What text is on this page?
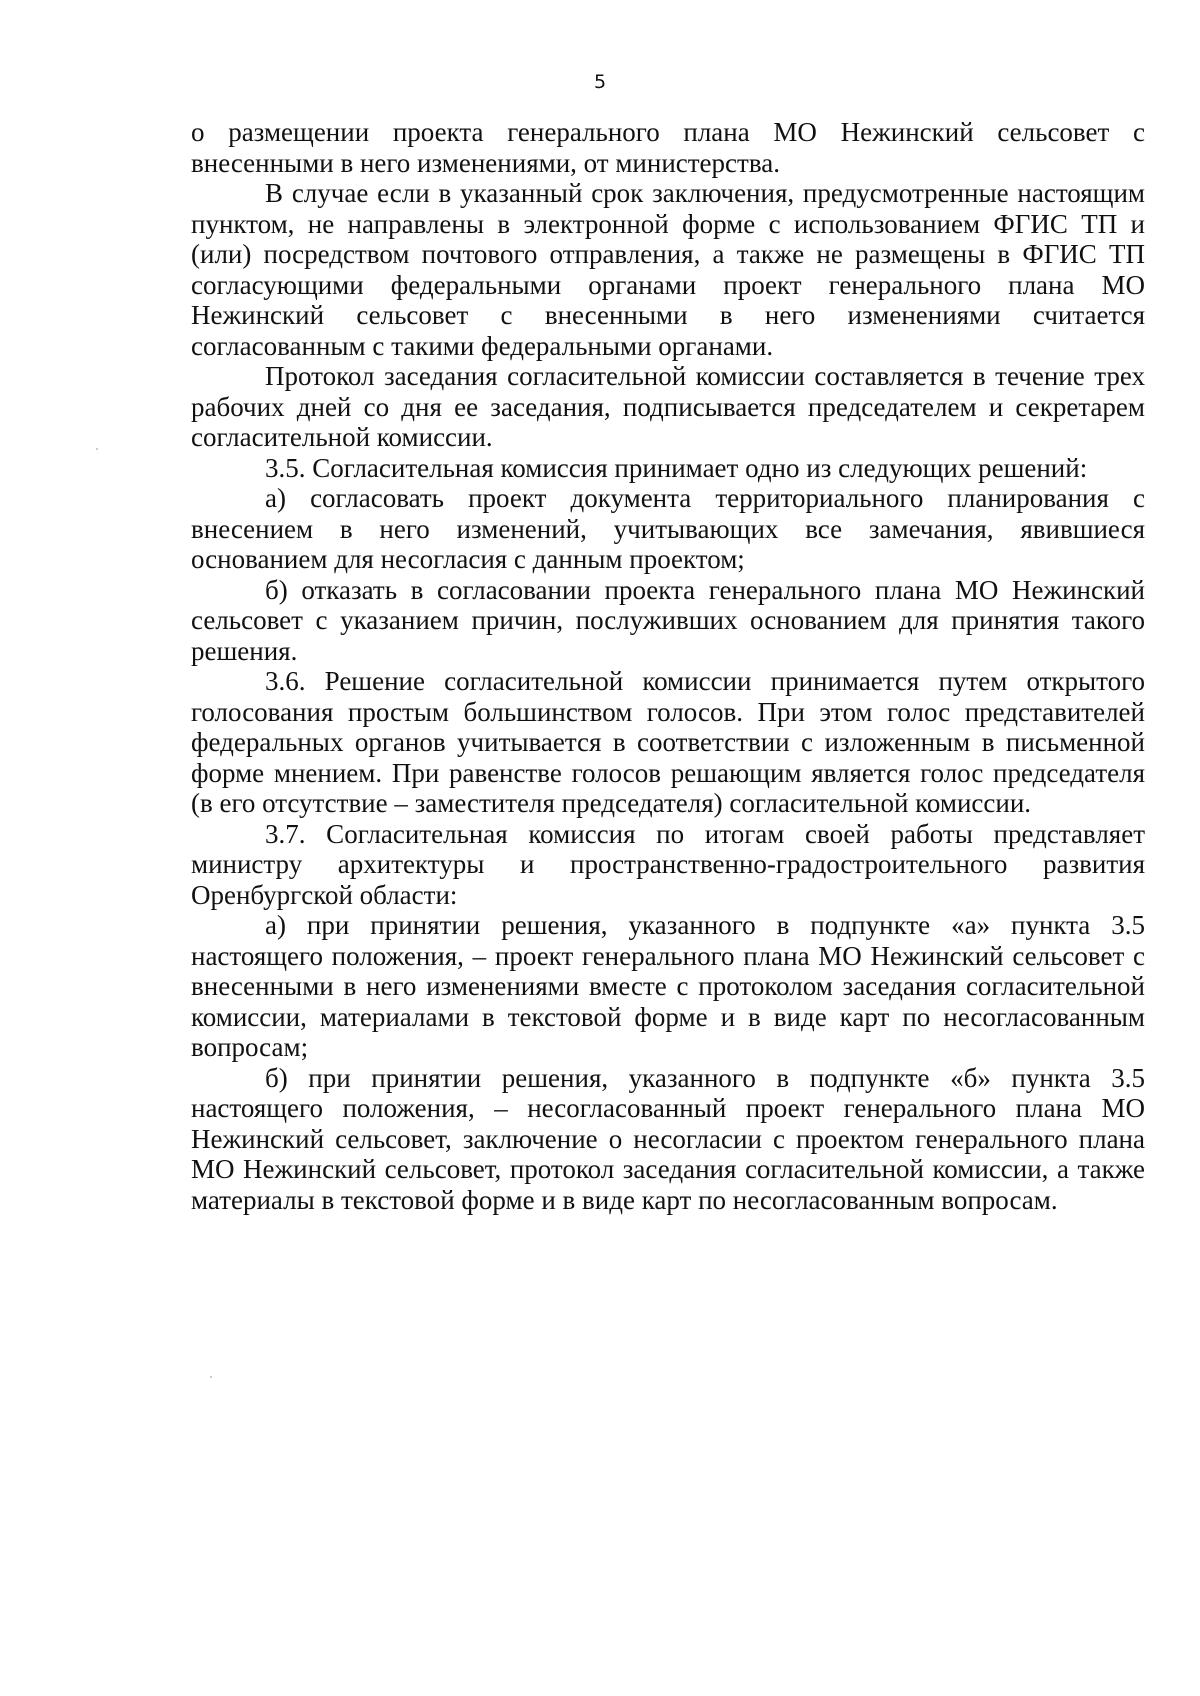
5

о размещении проекта генерального плана МО Нежинский сельсовет с внесенными в него изменениями, от министерства.

В случае если в указанный срок заключения, предусмотренные настоящим пунктом, не направлены в электронной форме с использованием ФГИС ТП и (или) посредством почтового отправления, а также не размещены в ФГИС ТП согласующими федеральными органами проект генерального плана МО Нежинский сельсовет с внесенными в него изменениями считается согласованным с такими федеральными органами.

Протокол заседания согласительной комиссии составляется в течение трех рабочих дней со дня ее заседания, подписывается председателем и секретарем согласительной комиссии.

3.5. Согласительная комиссия принимает одно из следующих решений:

а) согласовать проект документа территориального планирования с внесением в него изменений, учитывающих все замечания, явившиеся основанием для несогласия с данным проектом;

б) отказать в согласовании проекта генерального плана МО Нежинский сельсовет с указанием причин, послуживших основанием для принятия такого решения.

3.6. Решение согласительной комиссии принимается путем открытого голосования простым большинством голосов. При этом голос представителей федеральных органов учитывается в соответствии с изложенным в письменной форме мнением. При равенстве голосов решающим является голос председателя (в его отсутствие – заместителя председателя) согласительной комиссии.

3.7. Согласительная комиссия по итогам своей работы представляет министру архитектуры и пространственно-градостроительного развития Оренбургской области:

а) при принятии решения, указанного в подпункте «а» пункта 3.5 настоящего положения, – проект генерального плана МО Нежинский сельсовет с внесенными в него изменениями вместе с протоколом заседания согласительной комиссии, материалами в текстовой форме и в виде карт по несогласованным вопросам;

б) при принятии решения, указанного в подпункте «б» пункта 3.5 настоящего положения, – несогласованный проект генерального плана МО Нежинский сельсовет, заключение о несогласии с проектом генерального плана МО Нежинский сельсовет, протокол заседания согласительной комиссии, а также материалы в текстовой форме и в виде карт по несогласованным вопросам.
